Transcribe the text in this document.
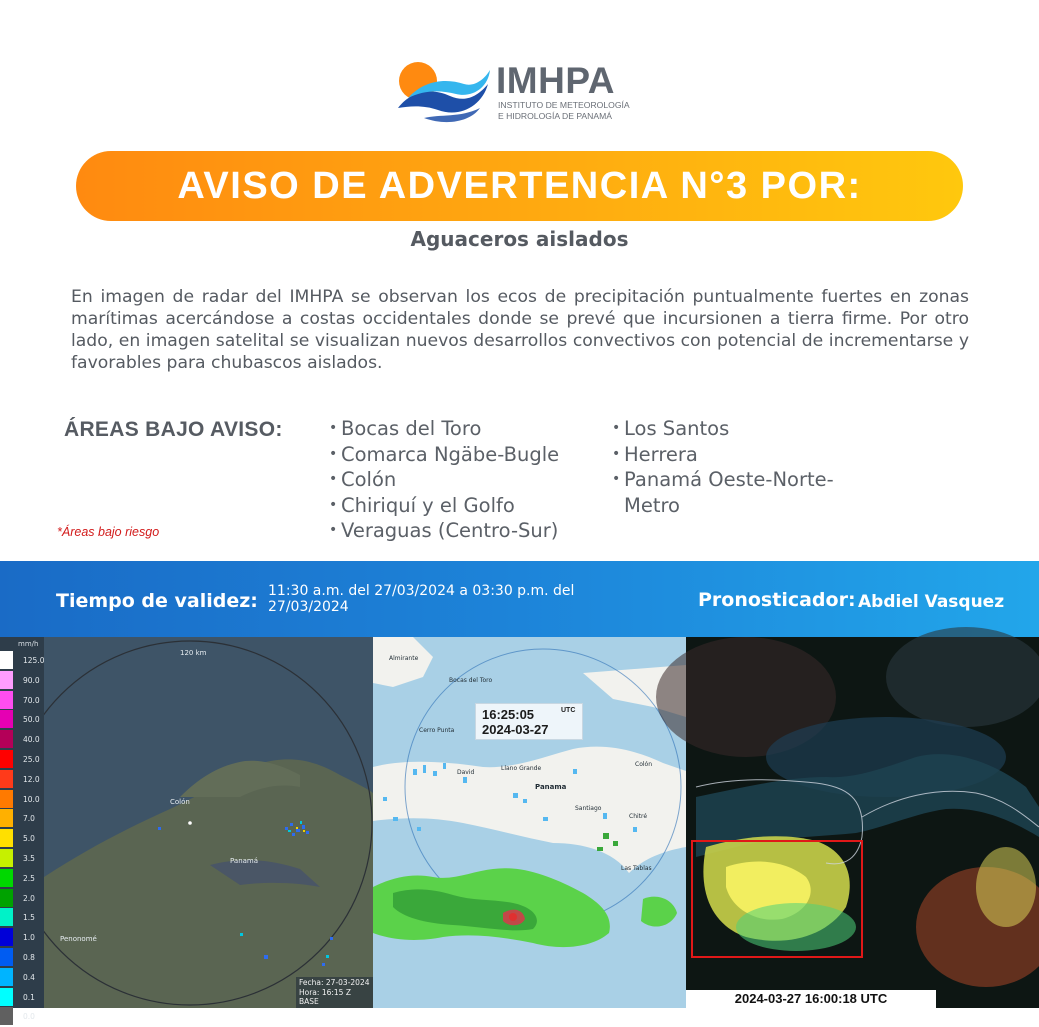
IMHPA
INSTITUTO DE METEOROLOGÍA
E HIDROLOGÍA DE PANAMÁ
AVISO DE ADVERTENCIA N°3 POR:
Aguaceros aislados

En imagen de radar del IMHPA se observan los ecos de precipitación puntualmente fuertes en zonas marítimas acercándose a costas occidentales donde se prevé que incursionen a tierra firme. Por otro lado, en imagen satelital se visualizan nuevos desarrollos convectivos con potencial de incrementarse y favorables para chubascos aislados.

ÁREAS BAJO AVISO:
•	Bocas del Toro
• Comarca Ngäbe-Bugle
• Colón
• Chiriquí y el Golfo
• Veraguas (Centro-Sur)
• Los Santos
• Herrera
• Panamá Oeste-Norte-Metro
*Áreas bajo riesgo
Tiempo de validez: 11:30 a.m. del 27/03/2024 a 03:30 p.m. del 27/03/2024	Pronosticador: Abdiel Vasquez
mm/h
125.0
90.0
70.0
50.0
40.0
25.0
12.0
10.0
7.0
5.0
3.5
2.5
2.0
1.5
1.0
0.8
0.4
0.1
0.0
120 km
Colón
Panamá
Penonomé
Fecha: 27-03-2024
Hora: 16:15 Z
BASE
Almirante
Bocas del Toro
Cerro Punta
David
Llano Grande
Santiago
Panama
Colón
Chitré
Las Tablas
16:25:05	UTC
2024-03-27
2024-03-27 16:00:18 UTC
